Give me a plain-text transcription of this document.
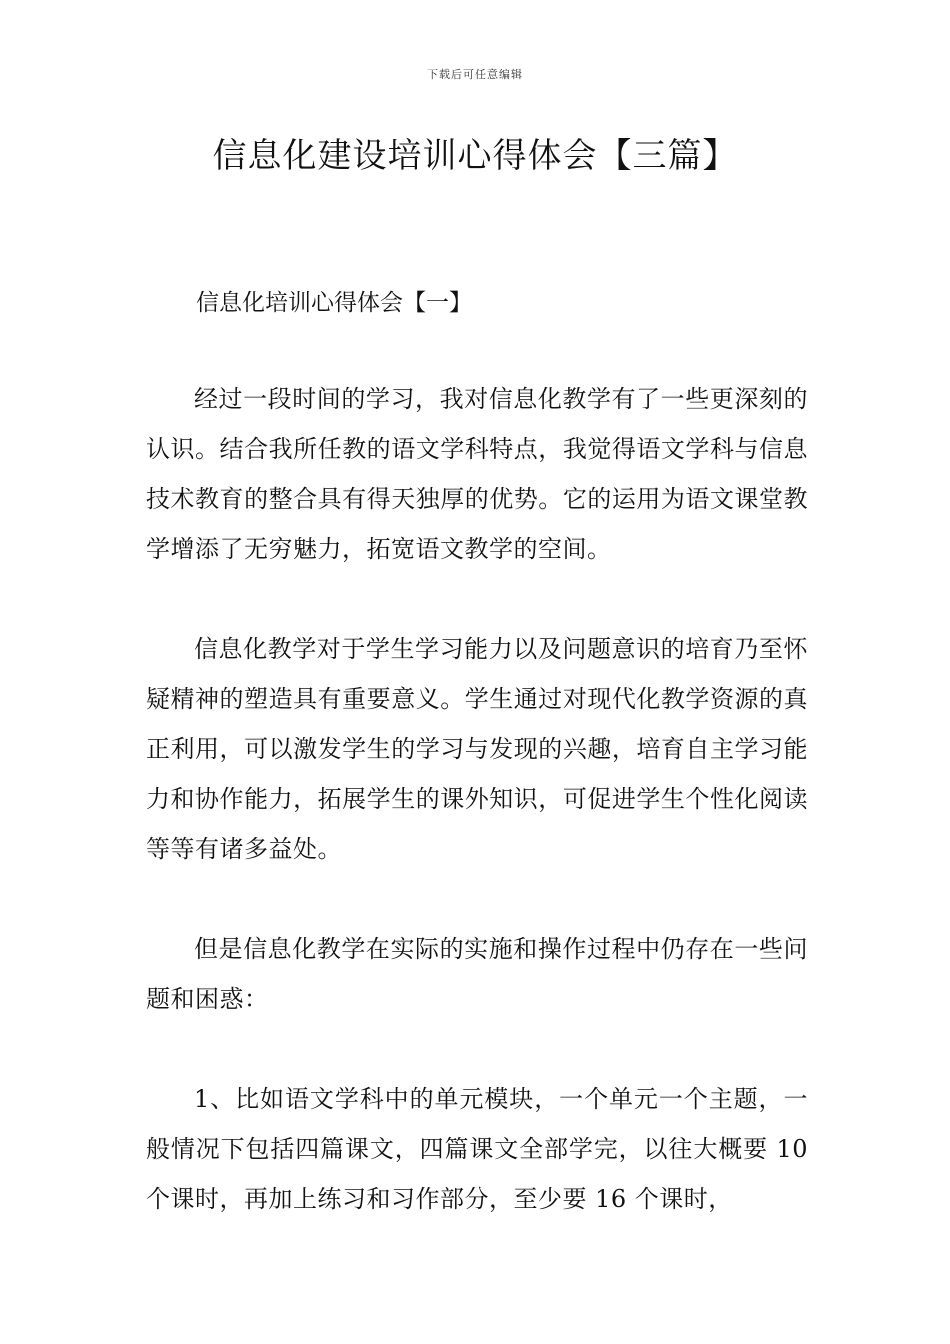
下载后可任意编辑
信息化建设培训心得体会【三篇】
信息化培训心得体会【一】

经过一段时间的学习，我对信息化教学有了一些更深刻的认识。结合我所任教的语文学科特点，我觉得语文学科与信息技术教育的整合具有得天独厚的优势。它的运用为语文课堂教学增添了无穷魅力，拓宽语文教学的空间。

信息化教学对于学生学习能力以及问题意识的培育乃至怀疑精神的塑造具有重要意义。学生通过对现代化教学资源的真正利用，可以激发学生的学习与发现的兴趣，培育自主学习能力和协作能力，拓展学生的课外知识，可促进学生个性化阅读等等有诸多益处。

但是信息化教学在实际的实施和操作过程中仍存在一些问题和困惑：

1、比如语文学科中的单元模块，一个单元一个主题，一般情况下包括四篇课文，四篇课文全部学完，以往大概要 10 个课时，再加上练习和习作部分，至少要 16 个课时，
